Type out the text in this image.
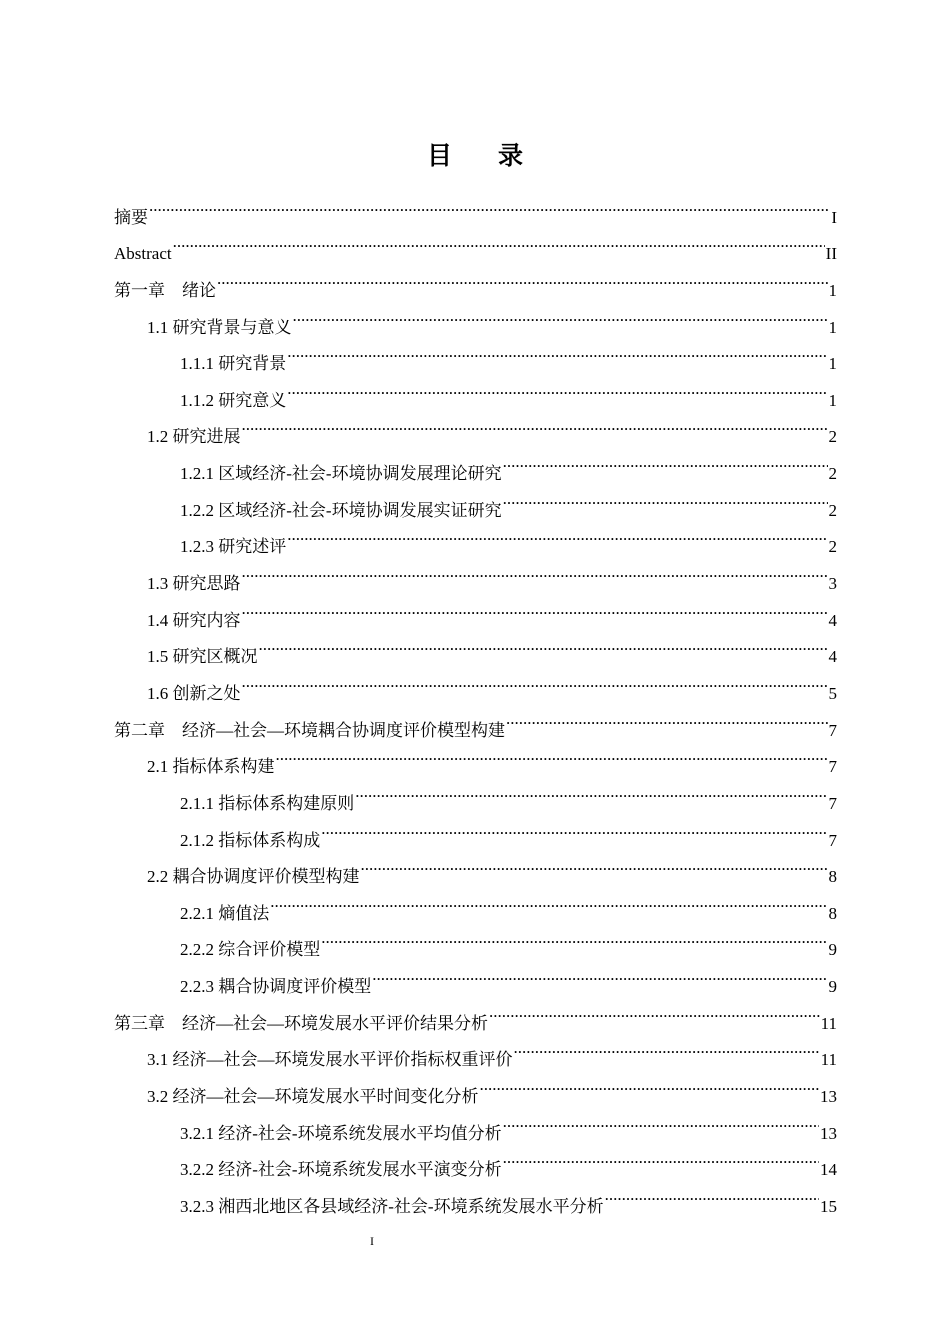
目 录
摘要 .....	I
Abstract .....	II
第一章　绪论 .....	1
1.1 研究背景与意义 .....	1
1.1.1 研究背景 .....	1
1.1.2 研究意义 .....	1
1.2 研究进展 .....	2
1.2.1 区域经济-社会-环境协调发展理论研究 .....	2
1.2.2 区域经济-社会-环境协调发展实证研究 .....	2
1.2.3 研究述评 .....	2
1.3 研究思路 .....	3
1.4 研究内容 .....	4
1.5 研究区概况 .....	4
1.6 创新之处 .....	5
第二章　经济—社会—环境耦合协调度评价模型构建 .....	7
2.1 指标体系构建 .....	7
2.1.1 指标体系构建原则 .....	7
2.1.2 指标体系构成 .....	7
2.2 耦合协调度评价模型构建 .....	8
2.2.1 熵值法 .....	8
2.2.2 综合评价模型 .....	9
2.2.3 耦合协调度评价模型 .....	9
第三章　经济—社会—环境发展水平评价结果分析 .....	11
3.1 经济—社会—环境发展水平评价指标权重评价 .....	11
3.2 经济—社会—环境发展水平时间变化分析 .....	13
3.2.1 经济-社会-环境系统发展水平均值分析 .....	13
3.2.2 经济-社会-环境系统发展水平演变分析 .....	14
3.2.3 湘西北地区各县域经济-社会-环境系统发展水平分析 .....	15
I
